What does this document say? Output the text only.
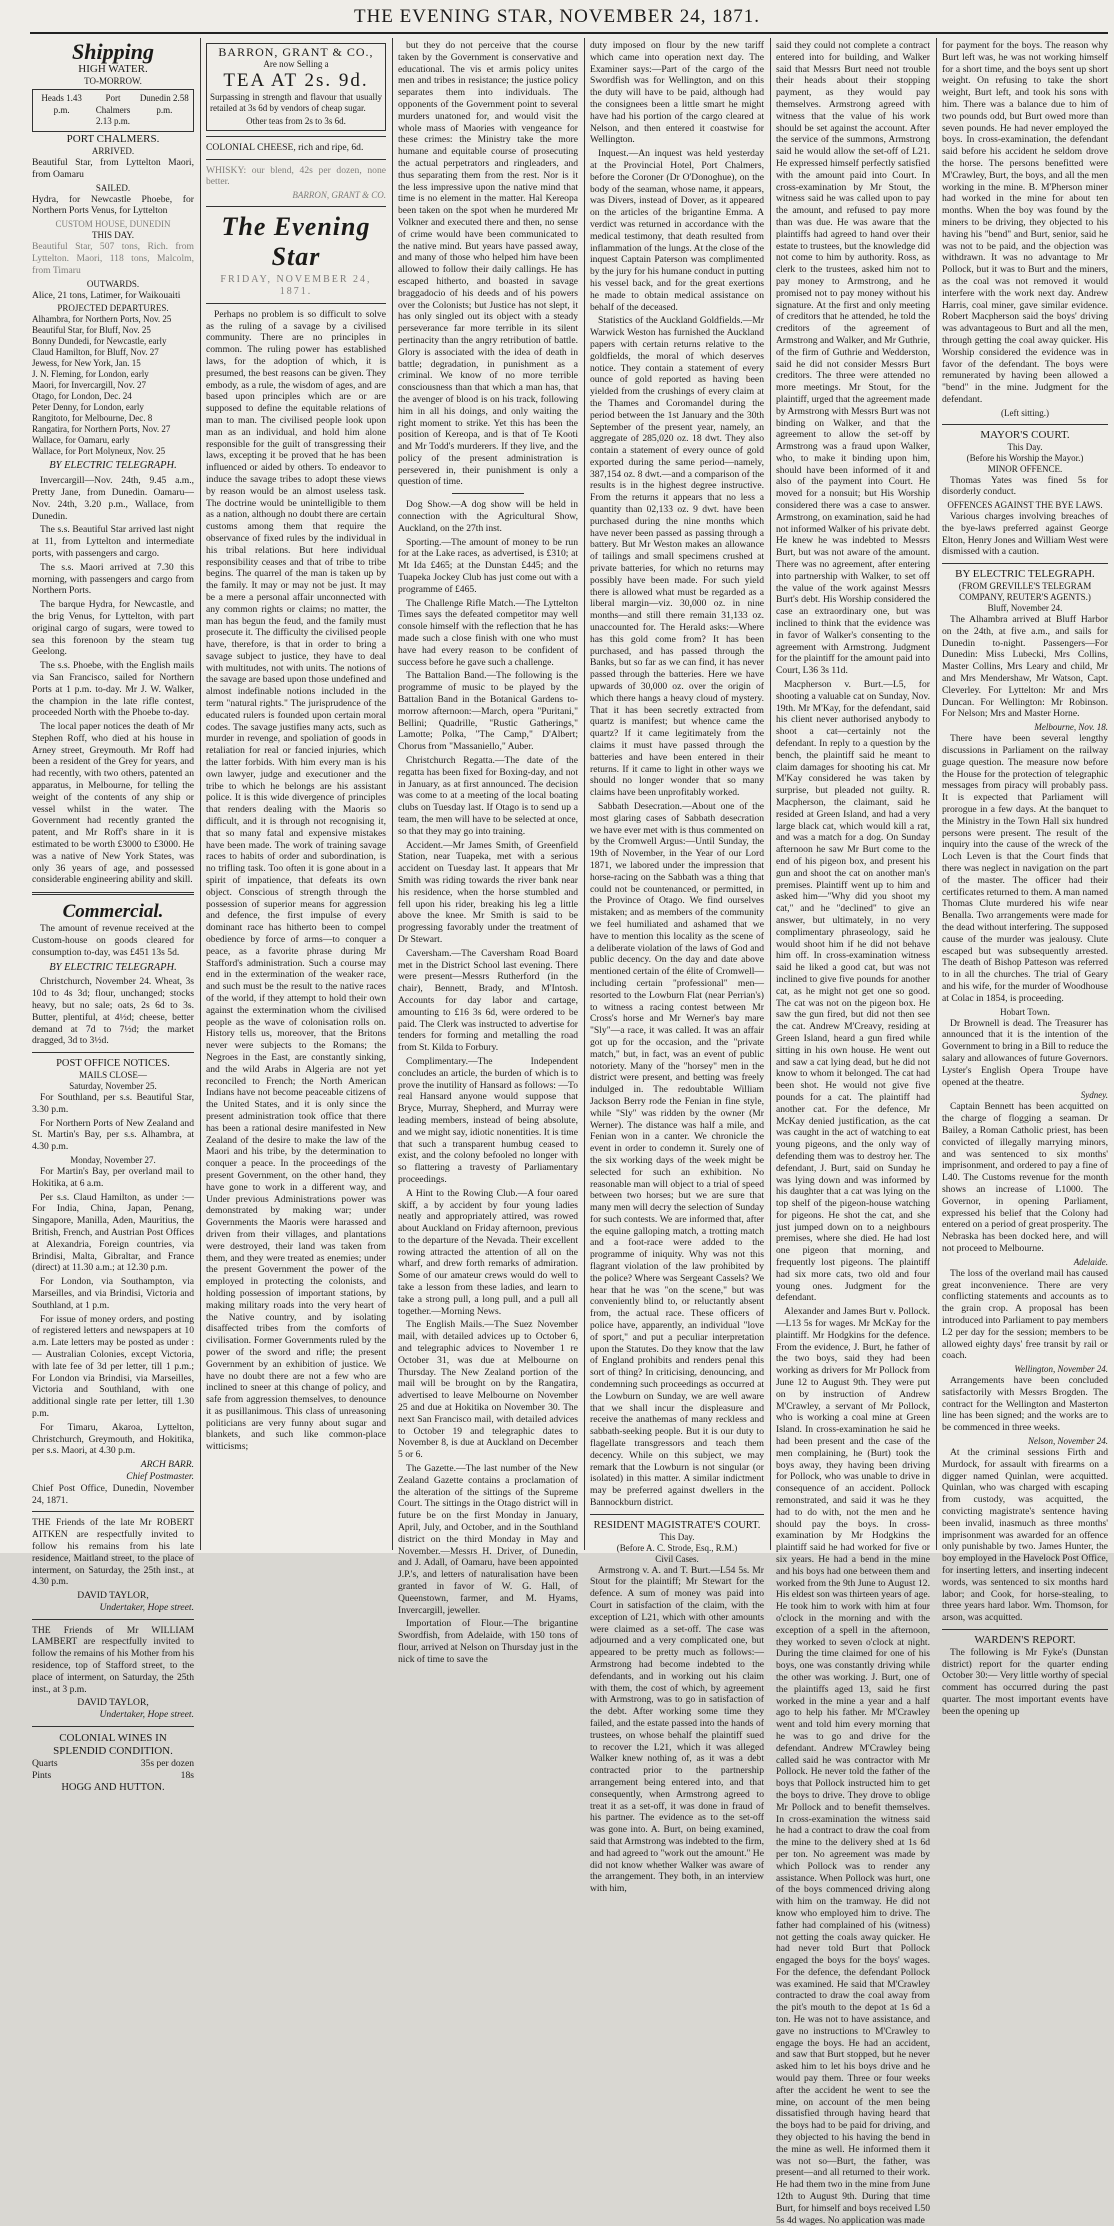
THE EVENING STAR, NOVEMBER 24, 1871.
Shipping
HIGH WATER.
TO-MORROW.
Heads 1.43 p.m.
Port Chalmers 2.13 p.m.
Dunedin 2.58 p.m.
PORT CHALMERS.
ARRIVED.

Beautiful Star, from Lyttelton Maori, from Oamaru

SAILED.

Hydra, for Newcastle Phoebe, for Northern Ports Venus, for Lyttelton

CUSTOM HOUSE, DUNEDIN
THIS DAY.

Beautiful Star, 507 tons, Rich. from Lyttelton. Maori, 118 tons, Malcolm, from Timaru

OUTWARDS.

Alice, 21 tons, Latimer, for Waikouaiti

PROJECTED DEPARTURES.
Alhambra, for Northern Ports, Nov. 25
Beautiful Star, for Bluff, Nov. 25
Bonny Dundedi, for Newcastle, early
Claud Hamilton, for Bluff, Nov. 27
Jewess, for New York, Jan. 15
J. N. Fleming, for London, early
Maori, for Invercargill, Nov. 27
Otago, for London, Dec. 24
Peter Denny, for London, early
Rangitoto, for Melbourne, Dec. 8
Rangatira, for Northern Ports, Nov. 27
Wallace, for Oamaru, early
Wallace, for Port Molyneux, Nov. 25
BY ELECTRIC TELEGRAPH.

Invercargill—Nov. 24th, 9.45 a.m., Pretty Jane, from Dunedin. Oamaru—Nov. 24th, 3.20 p.m., Wallace, from Dunedin.

The s.s. Beautiful Star arrived last night at 11, from Lyttelton and intermediate ports, with passengers and cargo.

The s.s. Maori arrived at 7.30 this morning, with passengers and cargo from Northern Ports.

The barque Hydra, for Newcastle, and the brig Venus, for Lyttelton, with part original cargo of sugars, were towed to sea this forenoon by the steam tug Geelong.

The s.s. Phoebe, with the English mails via San Francisco, sailed for Northern Ports at 1 p.m. to-day. Mr J. W. Walker, the champion in the late rifle contest, proceeded North with the Phoebe to-day.

The local paper notices the death of Mr Stephen Roff, who died at his house in Arney street, Greymouth. Mr Roff had been a resident of the Grey for years, and had recently, with two others, patented an apparatus, in Melbourne, for telling the weight of the contents of any ship or vessel whilst in the water. The Government had recently granted the patent, and Mr Roff's share in it is estimated to be worth £3000 to £3000. He was a native of New York States, was only 36 years of age, and possessed considerable engineering ability and skill.

Commercial.

The amount of revenue received at the Custom-house on goods cleared for consumption to-day, was £451 13s 5d.

BY ELECTRIC TELEGRAPH.

Christchurch, November 24. Wheat, 3s 10d to 4s 3d; flour, unchanged; stocks heavy, but no sale; oats, 2s 6d to 3s. Butter, plentiful, at 4½d; cheese, better demand at 7d to 7½d; the market dragged, 3d to 3½d.

POST OFFICE NOTICES.
MAILS CLOSE—
Saturday, November 25.

For Southland, per s.s. Beautiful Star, 3.30 p.m.

For Northern Ports of New Zealand and St. Martin's Bay, per s.s. Alhambra, at 4.30 p.m.

Monday, November 27.

For Martin's Bay, per overland mail to Hokitika, at 6 a.m.

Per s.s. Claud Hamilton, as under :— For India, China, Japan, Penang, Singapore, Manilla, Aden, Mauritius, the British, French, and Austrian Post Offices at Alexandria, Foreign countries, via Brindisi, Malta, Gibraltar, and France (direct) at 11.30 a.m.; at 12.30 p.m.

For London, via Southampton, via Marseilles, and via Brindisi, Victoria and Southland, at 1 p.m.

For issue of money orders, and posting of registered letters and newspapers at 10 a.m. Late letters may be posted as under :— Australian Colonies, except Victoria, with late fee of 3d per letter, till 1 p.m.; For London via Brindisi, via Marseilles, Victoria and Southland, with one additional single rate per letter, till 1.30 p.m.

For Timaru, Akaroa, Lyttelton, Christchurch, Greymouth, and Hokitika, per s.s. Maori, at 4.30 p.m.

ARCH BARR.
Chief Postmaster.

Chief Post Office, Dunedin, November 24, 1871.

THE Friends of the late Mr ROBERT AITKEN are respectfully invited to follow his remains from his late residence, Maitland street, to the place of interment, on Saturday, the 25th inst., at 4.30 p.m.

DAVID TAYLOR,
Undertaker, Hope street.

THE Friends of Mr WILLIAM LAMBERT are respectfully invited to follow the remains of his Mother from his residence, top of Stafford street, to the place of interment, on Saturday, the 25th inst., at 3 p.m.

DAVID TAYLOR,
Undertaker, Hope street.
COLONIAL WINES IN SPLENDID CONDITION.
Quarts	35s per dozen
Pints	18s
HOGG AND HUTTON.
BARRON, GRANT & CO.,
Are now Selling a
TEA AT 2s. 9d.

Surpassing in strength and flavour that usually retailed at 3s 6d by vendors of cheap sugar.

Other teas from 2s to 3s 6d.

COLONIAL CHEESE, rich and ripe, 6d.

WHISKY: our blend, 42s per dozen, none better.

BARRON, GRANT & CO.
The Evening Star
FRIDAY, NOVEMBER 24, 1871.

Perhaps no problem is so difficult to solve as the ruling of a savage by a civilised community. There are no principles in common. The ruling power has established laws, for the adoption of which, it is presumed, the best reasons can be given. They embody, as a rule, the wisdom of ages, and are based upon principles which are or are supposed to define the equitable relations of man to man. The civilised people look upon man as an individual, and hold him alone responsible for the guilt of transgressing their laws, excepting it be proved that he has been influenced or aided by others. To endeavor to induce the savage tribes to adopt these views by reason would be an almost useless task. The doctrine would be unintelligible to them as a nation, although no doubt there are certain customs among them that require the observance of fixed rules by the individual in his tribal relations. But here individual responsibility ceases and that of tribe to tribe begins. The quarrel of the man is taken up by the family. It may or may not be just. It may be a mere a personal affair unconnected with any common rights or claims; no matter, the man has begun the feud, and the family must prosecute it. The difficulty the civilised people have, therefore, is that in order to bring a savage subject to justice, they have to deal with multitudes, not with units. The notions of the savage are based upon those undefined and almost indefinable notions included in the term "natural rights." The jurisprudence of the educated rulers is founded upon certain moral codes. The savage justifies many acts, such as murder in revenge, and spoliation of goods in retaliation for real or fancied injuries, which the latter forbids. With him every man is his own lawyer, judge and executioner and the tribe to which he belongs are his assistant police. It is this wide divergence of principles that renders dealing with the Maoris so difficult, and it is through not recognising it, that so many fatal and expensive mistakes have been made. The work of training savage races to habits of order and subordination, is no trifling task. Too often it is gone about in a spirit of impatience, that defeats its own object. Conscious of strength through the possession of superior means for aggression and defence, the first impulse of every dominant race has hitherto been to compel obedience by force of arms—to conquer a peace, as a favorite phrase during Mr Stafford's administration. Such a course may end in the extermination of the weaker race, and such must be the result to the native races of the world, if they attempt to hold their own against the extermination whom the civilised people as the wave of colonisation rolls on. History tells us, moreover, that the Britons never were subjects to the Romans; the Negroes in the East, are constantly sinking, and the wild Arabs in Algeria are not yet reconciled to French; the North American Indians have not become peaceable citizens of the United States, and it is only since the present administration took office that there has been a rational desire manifested in New Zealand of the desire to make the law of the Maori and his tribe, by the determination to conquer a peace. In the proceedings of the present Government, on the other hand, they have gone to work in a different way, and Under previous Administrations power was demonstrated by making war; under Governments the Maoris were harassed and driven from their villages, and plantations were destroyed, their land was taken from them, and they were treated as enemies; under the present Government the power of the employed in protecting the colonists, and holding possession of important stations, by making military roads into the very heart of the Native country, and by isolating disaffected tribes from the comforts of civilisation. Former Governments ruled by the power of the sword and rifle; the present Government by an exhibition of justice. We have no doubt there are not a few who are inclined to sneer at this change of policy, and safe from aggression themselves, to denounce it as pusillanimous. This class of unreasoning politicians are very funny about sugar and blankets, and such like common-place witticisms;

but they do not perceive that the course taken by the Government is conservative and educational. The vis et armis policy unites men and tribes in resistance; the justice policy separates them into individuals. The opponents of the Government point to several murders unatoned for, and would visit the whole mass of Maories with vengeance for these crimes: the Ministry take the more humane and equitable course of prosecuting the actual perpetrators and ringleaders, and thus separating them from the rest. Nor is it the less impressive upon the native mind that time is no element in the matter. Hal Kereopa been taken on the spot when he murdered Mr Volkner and executed there and then, no sense of crime would have been communicated to the native mind. But years have passed away, and many of those who helped him have been allowed to follow their daily callings. He has escaped hitherto, and boasted in savage braggadocio of his deeds and of his powers over the Colonists; but Justice has not slept, it has only singled out its object with a steady perseverance far more terrible in its silent pertinacity than the angry retribution of battle. Glory is associated with the idea of death in battle; degradation, in punishment as a criminal. We know of no more terrible consciousness than that which a man has, that the avenger of blood is on his track, following him in all his doings, and only waiting the right moment to strike. Yet this has been the position of Kereopa, and is that of Te Kooti and Mr Todd's murderers. If they live, and the policy of the present administration is persevered in, their punishment is only a question of time.

Dog Show.—A dog show will be held in connection with the Agricultural Show, Auckland, on the 27th inst.

Sporting.—The amount of money to be run for at the Lake races, as advertised, is £310; at Mt Ida £465; at the Dunstan £445; and the Tuapeka Jockey Club has just come out with a programme of £465.

The Challenge Rifle Match.—The Lyttelton Times says the defeated competitor may well console himself with the reflection that he has made such a close finish with one who must have had every reason to be confident of success before he gave such a challenge.

The Battalion Band.—The following is the programme of music to be played by the Battalion Band in the Botanical Gardens to-morrow afternoon:—March, opera "Puritani," Bellini; Quadrille, "Rustic Gatherings," Lamotte; Polka, "The Camp," D'Albert; Chorus from "Massaniello," Auber.

Christchurch Regatta.—The date of the regatta has been fixed for Boxing-day, and not in January, as at first announced. The decision was come to at a meeting of the local boating clubs on Tuesday last. If Otago is to send up a team, the men will have to be selected at once, so that they may go into training.

Accident.—Mr James Smith, of Greenfield Station, near Tuapeka, met with a serious accident on Tuesday last. It appears that Mr Smith was riding towards the river bank near his residence, when the horse stumbled and fell upon his rider, breaking his leg a little above the knee. Mr Smith is said to be progressing favorably under the treatment of Dr Stewart.

Caversham.—The Caversham Road Board met in the District School last evening. There were present—Messrs Rutherford (in the chair), Bennett, Brady, and M'Intosh. Accounts for day labor and cartage, amounting to £16 3s 6d, were ordered to be paid. The Clerk was instructed to advertise for tenders for forming and metalling the road from St. Kilda to Forbury.

Complimentary.—The Independent concludes an article, the burden of which is to prove the inutility of Hansard as follows: —To real Hansard anyone would suppose that Bryce, Murray, Shepherd, and Murray were leading members, instead of being absolute, and we might say, idiotic nonentities. It is time that such a transparent humbug ceased to exist, and the colony befooled no longer with so flattering a travesty of Parliamentary proceedings.

A Hint to the Rowing Club.—A four oared skiff, a by accident by four young ladies neatly and appropriately attired, was rowed about Auckland on Friday afternoon, previous to the departure of the Nevada. Their excellent rowing attracted the attention of all on the wharf, and drew forth remarks of admiration. Some of our amateur crews would do well to take a lesson from these ladies, and learn to take a strong pull, a long pull, and a pull all together.—Morning News.

The English Mails.—The Suez November mail, with detailed advices up to October 6, and telegraphic advices to November 1 re October 31, was due at Melbourne on Thursday. The New Zealand portion of the mail will be brought on by the Rangatira, advertised to leave Melbourne on November 25 and due at Hokitika on November 30. The next San Francisco mail, with detailed advices to October 19 and telegraphic dates to November 8, is due at Auckland on December 5 or 6.

The Gazette.—The last number of the New Zealand Gazette contains a proclamation of the alteration of the sittings of the Supreme Court. The sittings in the Otago district will in future be on the first Monday in January, April, July, and October, and in the Southland district on the third Monday in May and November.—Messrs H. Driver, of Dunedin, and J. Adall, of Oamaru, have been appointed J.P.'s, and letters of naturalisation have been granted in favor of W. G. Hall, of Queenstown, farmer, and M. Hyams, Invercargill, jeweller.

Importation of Flour.—The brigantine Swordfish, from Adelaide, with 150 tons of flour, arrived at Nelson on Thursday just in the nick of time to save the

duty imposed on flour by the new tariff which came into operation next day. The Examiner says:—Part of the cargo of the Swordfish was for Wellington, and on this the duty will have to be paid, although had the consignees been a little smart he might have had his portion of the cargo cleared at Nelson, and then entered it coastwise for Wellington.

Inquest.—An inquest was held yesterday at the Provincial Hotel, Port Chalmers, before the Coroner (Dr O'Donoghue), on the body of the seaman, whose name, it appears, was Divers, instead of Dover, as it appeared on the articles of the brigantine Emma. A verdict was returned in accordance with the medical testimony, that death resulted from inflammation of the lungs. At the close of the inquest Captain Paterson was complimented by the jury for his humane conduct in putting his vessel back, and for the great exertions he made to obtain medical assistance on behalf of the deceased.

Statistics of the Auckland Goldfields.—Mr Warwick Weston has furnished the Auckland papers with certain returns relative to the goldfields, the moral of which deserves notice. They contain a statement of every ounce of gold reported as having been yielded from the crushings of every claim at the Thames and Coromandel during the period between the 1st January and the 30th September of the present year, namely, an aggregate of 285,020 oz. 18 dwt. They also contain a statement of every ounce of gold exported during the same period—namely, 387,154 oz. 8 dwt.—and a comparison of the results is in the highest degree instructive. From the returns it appears that no less a quantity than 02,133 oz. 9 dwt. have been purchased during the nine months which have never been passed as passing through a battery. But Mr Weston makes an allowance of tailings and small specimens crushed at private batteries, for which no returns may possibly have been made. For such yield there is allowed what must be regarded as a liberal margin—viz. 30,000 oz. in nine months—and still there remain 31,133 oz. unaccounted for. The Herald asks:—Where has this gold come from? It has been purchased, and has passed through the Banks, but so far as we can find, it has never passed through the batteries. Here we have upwards of 30,000 oz. over the origin of which there hangs a heavy cloud of mystery. That it has been secretly extracted from quartz is manifest; but whence came the quartz? If it came legitimately from the claims it must have passed through the batteries and have been entered in their returns. If it came to light in other ways we should no longer wonder that so many claims have been unprofitably worked.

Sabbath Desecration.—About one of the most glaring cases of Sabbath desecration we have ever met with is thus commented on by the Cromwell Argus:—Until Sunday, the 19th of November, in the Year of our Lord 1871, we labored under the impression that horse-racing on the Sabbath was a thing that could not be countenanced, or permitted, in the Province of Otago. We find ourselves mistaken; and as members of the community we feel humiliated and ashamed that we have to mention this locality as the scene of a deliberate violation of the laws of God and public decency. On the day and date above mentioned certain of the élite of Cromwell—including certain "professional" men—resorted to the Lowburn Flat (near Perrian's) to witness a racing contest between Mr Cross's horse and Mr Werner's bay mare "Sly"—a race, it was called. It was an affair got up for the occasion, and the "private match," but, in fact, was an event of public notoriety. Many of the "horsey" men in the district were present, and betting was freely indulged in. The redoubtable William Jackson Berry rode the Fenian in fine style, while "Sly" was ridden by the owner (Mr Werner). The distance was half a mile, and Fenian won in a canter. We chronicle the event in order to condemn it. Surely one of the six working days of the week might be selected for such an exhibition. No reasonable man will object to a trial of speed between two horses; but we are sure that many men will decry the selection of Sunday for such contests. We are informed that, after the equine galloping match, a trotting match and a foot-race were added to the programme of iniquity. Why was not this flagrant violation of the law prohibited by the police? Where was Sergeant Cassels? We hear that he was "on the scene," but was conveniently blind to, or reluctantly absent from, the actual race. These officers of police have, apparently, an individual "love of sport," and put a peculiar interpretation upon the Statutes. Do they know that the law of England prohibits and renders penal this sort of thing? In criticising, denouncing, and condemning such proceedings as occurred at the Lowburn on Sunday, we are well aware that we shall incur the displeasure and receive the anathemas of many reckless and sabbath-seeking people. But it is our duty to flagellate transgressors and teach them decency. While on this subject, we may remark that the Lowburn is not singular (or isolated) in this matter. A similar indictment may be preferred against dwellers in the Bannockburn district.

RESIDENT MAGISTRATE'S COURT.
This Day.
(Before A. C. Strode, Esq., R.M.)
Civil Cases.

Armstrong v. A. and T. Burt.—L54 5s. Mr Stout for the plaintiff; Mr Stewart for the defence. A sum of money was paid into Court in satisfaction of the claim, with the exception of L21, which with other amounts were claimed as a set-off. The case was adjourned and a very complicated one, but appeared to be pretty much as follows:—Armstrong had become indebted to the defendants, and in working out his claim with them, the cost of which, by agreement with Armstrong, was to go in satisfaction of the debt. After working some time they failed, and the estate passed into the hands of trustees, on whose behalf the plaintiff sued to recover the L21, which it was alleged Walker knew nothing of, as it was a debt contracted prior to the partnership arrangement being entered into, and that consequently, when Armstrong agreed to treat it as a set-off, it was done in fraud of his partner. The evidence as to the set-off was gone into. A. Burt, on being examined, said that Armstrong was indebted to the firm, and had agreed to "work out the amount." He did not know whether Walker was aware of the arrangement. They both, in an interview with him,

said they could not complete a contract entered into for building, and Walker said that Messrs Burt need not trouble their heads about their stopping payment, as they would pay themselves. Armstrong agreed with witness that the value of his work should be set against the account. After the service of the summons, Armstrong said he would allow the set-off of L21. He expressed himself perfectly satisfied with the amount paid into Court. In cross-examination by Mr Stout, the witness said he was called upon to pay the amount, and refused to pay more than was due. He was aware that the plaintiffs had agreed to hand over their estate to trustees, but the knowledge did not come to him by authority. Ross, as clerk to the trustees, asked him not to pay money to Armstrong, and he promised not to pay money without his signature. At the first and only meeting of creditors that he attended, he told the creditors of the agreement of Armstrong and Walker, and Mr Guthrie, of the firm of Guthrie and Wedderston, said he did not consider Messrs Burt creditors. The three were attended no more meetings. Mr Stout, for the plaintiff, urged that the agreement made by Armstrong with Messrs Burt was not binding on Walker, and that the agreement to allow the set-off by Armstrong was a fraud upon Walker, who, to make it binding upon him, should have been informed of it and also of the payment into Court. He moved for a nonsuit; but His Worship considered there was a case to answer. Armstrong, on examination, said he had not informed Walker of his private debt. He knew he was indebted to Messrs Burt, but was not aware of the amount. There was no agreement, after entering into partnership with Walker, to set off the value of the work against Messrs Burt's debt. His Worship considered the case an extraordinary one, but was inclined to think that the evidence was in favor of Walker's consenting to the agreement with Armstrong. Judgment for the plaintiff for the amount paid into Court, L36 3s 11d.

Macpherson v. Burt.—L5, for shooting a valuable cat on Sunday, Nov. 19th. Mr M'Kay, for the defendant, said his client never authorised anybody to shoot a cat—certainly not the defendant. In reply to a question by the bench, the plaintiff said he meant to claim damages for shooting his cat. Mr M'Kay considered he was taken by surprise, but pleaded not guilty. R. Macpherson, the claimant, said he resided at Green Island, and had a very large black cat, which would kill a rat, and was a match for a dog. On Sunday afternoon he saw Mr Burt come to the end of his pigeon box, and present his gun and shoot the cat on another man's premises. Plaintiff went up to him and asked him—"Why did you shoot my cat," and he "declined" to give an answer, but ultimately, in no very complimentary phraseology, said he would shoot him if he did not behave him off. In cross-examination witness said he liked a good cat, but was not inclined to give five pounds for another cat, as he might not get one so good. The cat was not on the pigeon box. He saw the gun fired, but did not then see the cat. Andrew M'Creavy, residing at Green Island, heard a gun fired while sitting in his own house. He went out and saw a cat lying dead, but he did not know to whom it belonged. The cat had been shot. He would not give five pounds for a cat. The plaintiff had another cat. For the defence, Mr McKay denied justification, as the cat was caught in the act of watching to eat young pigeons, and the only way of defending them was to destroy her. The defendant, J. Burt, said on Sunday he was lying down and was informed by his daughter that a cat was lying on the top shelf of the pigeon-house watching for pigeons. He shot the cat, and she just jumped down on to a neighbours premises, where she died. He had lost one pigeon that morning, and frequently lost pigeons. The plaintiff had six more cats, two old and four young ones. Judgment for the defendant.

Alexander and James Burt v. Pollock.—L13 5s for wages. Mr McKay for the plaintiff. Mr Hodgkins for the defence. From the evidence, J. Burt, he father of the two boys, said they had been working as drivers for Mr Pollock from June 12 to August 9th. They were put on by instruction of Andrew M'Crawley, a servant of Mr Pollock, who is working a coal mine at Green Island. In cross-examination he said he had been present and the case of the men complaining, he (Burt) took the boys away, they having been driving for Pollock, who was unable to drive in consequence of an accident. Pollock remonstrated, and said it was he they had to do with, not the men and he should pay the boys. In cross-examination by Mr Hodgkins the plaintiff said he had worked for five or six years. He had a bend in the mine and his boys had one between them and worked from the 9th June to August 12. His eldest son was thirteen years of age. He took him to work with him at four o'clock in the morning and with the exception of a spell in the afternoon, they worked to seven o'clock at night. During the time claimed for one of his boys, one was constantly driving while the other was working. J. Burt, one of the plaintiffs aged 13, said he first worked in the mine a year and a half ago to help his father. Mr M'Crawley went and told him every morning that he was to go and drive for the defendant. Andrew M'Crawley being called said he was contractor with Mr Pollock. He never told the father of the boys that Pollock instructed him to get the boys to drive. They drove to oblige Mr Pollock and to benefit themselves. In cross-examination the witness said he had a contract to draw the coal from the mine to the delivery shed at 1s 6d per ton. No agreement was made by which Pollock was to render any assistance. When Pollock was hurt, one of the boys commenced driving along with him on the tramway. He did not know who employed him to drive. The father had complained of his (witness) not getting the coals away quicker. He had never told Burt that Pollock engaged the boys for the boys' wages. For the defence, the defendant Pollock was examined. He said that M'Crawley contracted to draw the coal away from the pit's mouth to the depot at 1s 6d a ton. He was not to have assistance, and gave no instructions to M'Crawley to engage the boys. He had an accident, and saw that Burt stopped, but he never asked him to let his boys drive and he would pay them. Three or four weeks after the accident he went to see the mine, on account of the men being dissatisfied through having heard that the boys had to be paid for driving, and they objected to his having the bend in the mine as well. He informed them it was not so—Burt, the father, was present—and all returned to their work. He had them two in the mine from June 12th to August 9th. During that time Burt, for himself and boys received L50 5s 4d wages. No application was made

for payment for the boys. The reason why Burt left was, he was not working himself for a short time, and the boys sent up short weight. On refusing to take the short weight, Burt left, and took his sons with him. There was a balance due to him of two pounds odd, but Burt owed more than seven pounds. He had never employed the boys. In cross-examination, the defendant said before his accident he seldom drove the horse. The persons benefitted were M'Crawley, Burt, the boys, and all the men working in the mine. B. M'Pherson miner had worked in the mine for about ten months. When the boy was found by the miners to be driving, they objected to his having his "bend" and Burt, senior, said he was not to be paid, and the objection was withdrawn. It was no advantage to Mr Pollock, but it was to Burt and the miners, as the coal was not removed it would interfere with the work next day. Andrew Harris, coal miner, gave similar evidence. Robert Macpherson said the boys' driving was advantageous to Burt and all the men, through getting the coal away quicker. His Worship considered the evidence was in favor of the defendant. The boys were remunerated by having been allowed a "bend" in the mine. Judgment for the defendant.

(Left sitting.)
MAYOR'S COURT.
This Day.
(Before his Worship the Mayor.)
MINOR OFFENCE.

Thomas Yates was fined 5s for disorderly conduct.

OFFENCES AGAINST THE BYE LAWS.

Various charges involving breaches of the bye-laws preferred against George Elton, Henry Jones and William West were dismissed with a caution.

BY ELECTRIC TELEGRAPH.
(FROM GREVILLE'S TELEGRAM COMPANY, REUTER'S AGENTS.)
Bluff, November 24.

The Alhambra arrived at Bluff Harbor on the 24th, at five a.m., and sails for Dunedin to-night. Passengers—For Dunedin: Miss Lubecki, Mrs Collins, Master Collins, Mrs Leary and child, Mr and Mrs Mendershaw, Mr Watson, Capt. Cleverley. For Lyttelton: Mr and Mrs Duncan. For Wellington: Mr Robinson. For Nelson; Mrs and Master Horne.

Melbourne, Nov. 18.

There have been several lengthy discussions in Parliament on the railway guage question. The measure now before the House for the protection of telegraphic messages from piracy will probably pass. It is expected that Parliament will prorogue in a few days. At the banquet to the Ministry in the Town Hall six hundred persons were present. The result of the inquiry into the cause of the wreck of the Loch Leven is that the Court finds that there was neglect in navigation on the part of the master. The officer had their certificates returned to them. A man named Thomas Clute murdered his wife near Benalla. Two arrangements were made for the dead without interfering. The supposed cause of the murder was jealousy. Clute escaped but was subsequently arrested. The death of Bishop Patteson was referred to in all the churches. The trial of Geary and his wife, for the murder of Woodhouse at Colac in 1854, is proceeding.

Hobart Town.

Dr Brownell is dead. The Treasurer has announced that it is the intention of the Government to bring in a Bill to reduce the salary and allowances of future Governors. Lyster's English Opera Troupe have opened at the theatre.

Sydney.

Captain Bennett has been acquitted on the charge of flogging a seaman. Dr Bailey, a Roman Catholic priest, has been convicted of illegally marrying minors, and was sentenced to six months' imprisonment, and ordered to pay a fine of L40. The Customs revenue for the month shows an increase of L1000. The Governor, in opening Parliament, expressed his belief that the Colony had entered on a period of great prosperity. The Nebraska has been docked here, and will not proceed to Melbourne.

Adelaide.

The loss of the overland mail has caused great inconvenience. There are very conflicting statements and accounts as to the grain crop. A proposal has been introduced into Parliament to pay members L2 per day for the session; members to be allowed eighty days' free transit by rail or coach.

Wellington, November 24.

Arrangements have been concluded satisfactorily with Messrs Brogden. The contract for the Wellington and Masterton line has been signed; and the works are to be commenced in three weeks.

Nelson, November 24.

At the criminal sessions Firth and Murdock, for assault with firearms on a digger named Quinlan, were acquitted. Quinlan, who was charged with escaping from custody, was acquitted, the convicting magistrate's sentence having been invalid, inasmuch as three months' imprisonment was awarded for an offence only punishable by two. James Hunter, the boy employed in the Havelock Post Office, for inserting letters, and inserting indecent words, was sentenced to six months hard labor; and Cook, for horse-stealing, to three years hard labor. Wm. Thomson, for arson, was acquitted.

WARDEN'S REPORT.

The following is Mr Fyke's (Dunstan district) report for the quarter ending October 30:— Very little worthy of special comment has occurred during the past quarter. The most important events have been the opening up
